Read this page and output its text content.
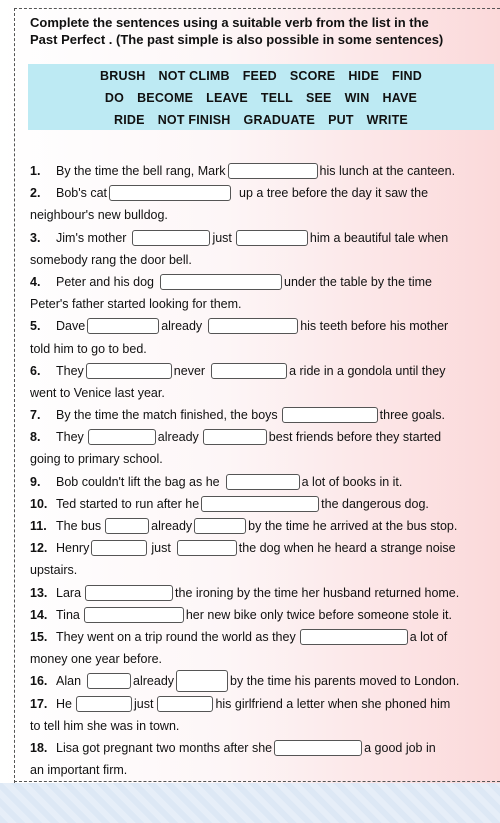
Complete the sentences using a suitable verb from the list in the
Past Perfect . (The past simple is also possible in some sentences)
BRUSH NOT CLIMB FEED SCORE HIDE FIND
DO BECOME LEAVE TELL SEE WIN HAVE
RIDE NOT FINISH GRADUATE PUT WRITE
1.	By the time the bell rang, Mark	his lunch at the canteen.
2.	Bob's cat	up a tree before the day it saw the
neighbour's new bulldog.
3.	Jim's mother	just	him a beautiful tale when
somebody rang the door bell.
4.	Peter and his dog	under the table by the time
Peter's father started looking for them.
5.	Dave	already	his teeth before his mother
told him to go to bed.
6.	They	never	a ride in a gondola until they
went to Venice last year.
7.	By the time the match finished, the boys	three goals.
8.	They	already	best friends before they started
going to primary school.
9.	Bob couldn't lift the bag as he	a lot of books in it.
10. Ted started to run after he	the dangerous dog.
11. The bus	already	by the time he arrived at the bus stop.
12. Henry	just	the dog when he heard a strange noise
upstairs.
13. Lara	the ironing by the time her husband returned home.
14. Tina	her new bike only twice before someone stole it.
15. They went on a trip round the world as they	a lot of
money one year before.
16. Alan	already	by the time his parents moved to London.
17. He	just	his girlfriend a letter when she phoned him
to tell him she was in town.
18. Lisa got pregnant two months after she	a good job in
an important firm.
